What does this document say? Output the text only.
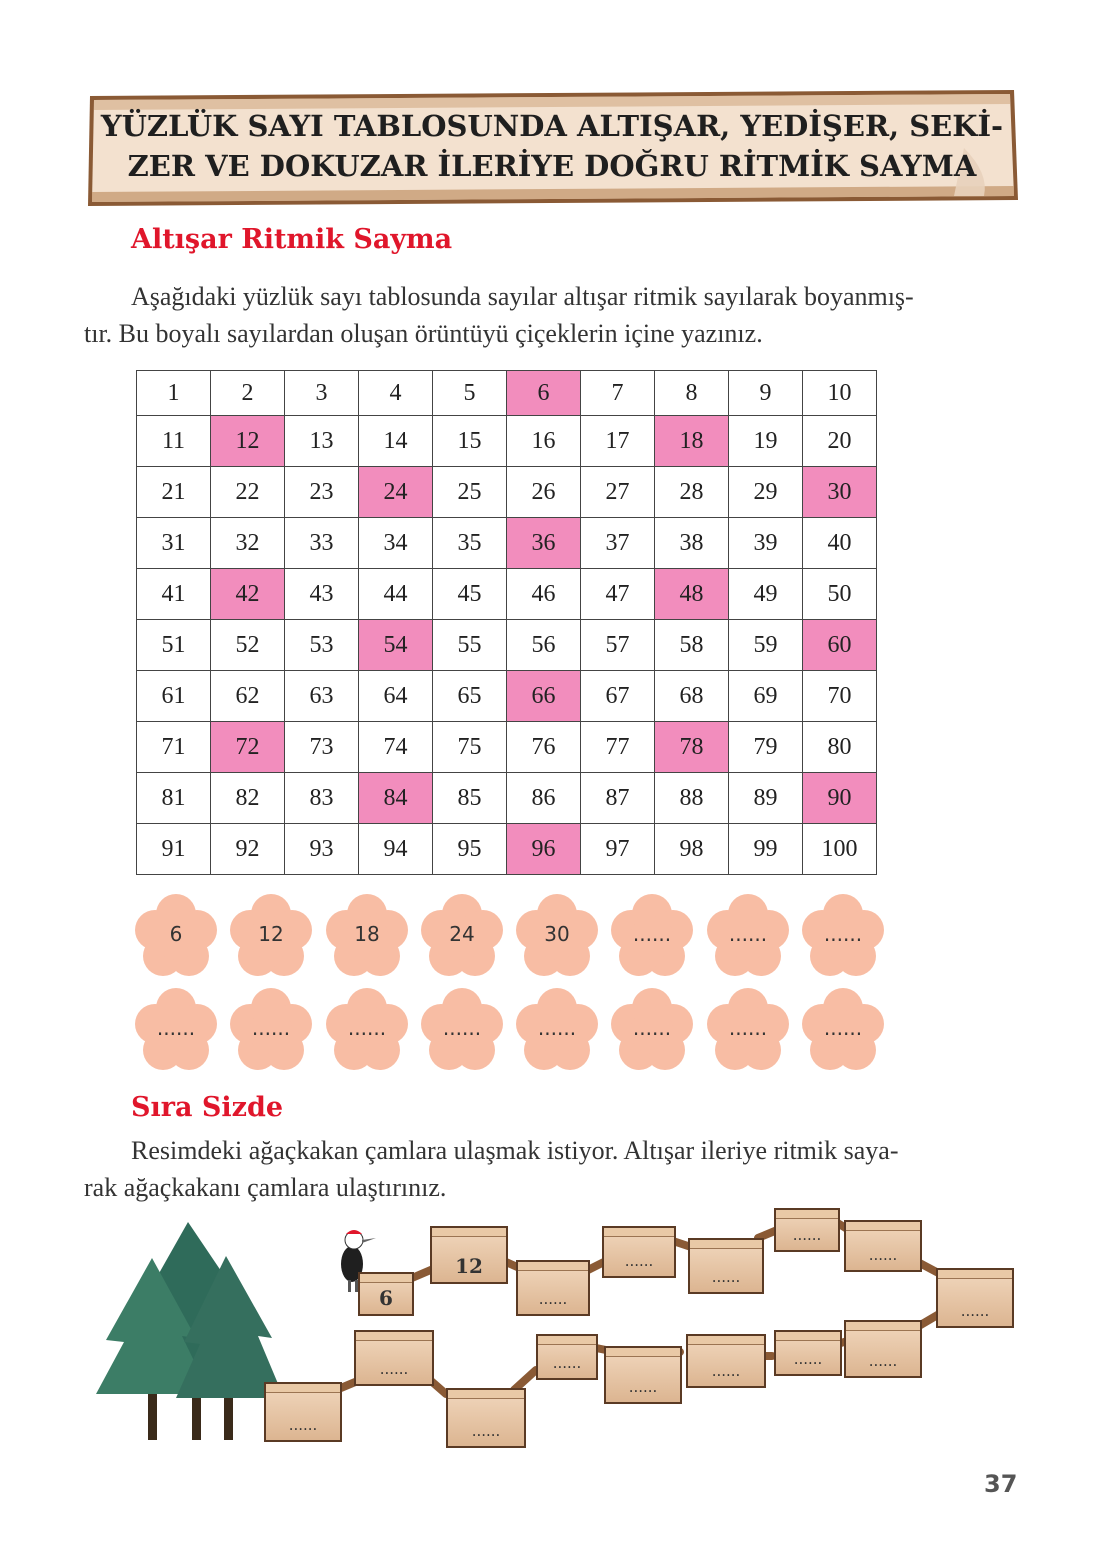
YÜZLÜK SAYI TABLOSUNDA ALTIŞAR, YEDİŞER, SEKİ-
ZER VE DOKUZAR İLERİYE DOĞRU RİTMİK SAYMA
Altışar Ritmik Sayma
Aşağıdaki yüzlük sayı tablosunda sayılar altışar ritmik sayılarak boyanmış-
tır. Bu boyalı sayılardan oluşan örüntüyü çiçeklerin içine yazınız.
1	2	3	4	5	6	7	8	9	10
11	12	13	14	15	16	17	18	19	20
21	22	23	24	25	26	27	28	29	30
31	32	33	34	35	36	37	38	39	40
41	42	43	44	45	46	47	48	49	50
51	52	53	54	55	56	57	58	59	60
61	62	63	64	65	66	67	68	69	70
71	72	73	74	75	76	77	78	79	80
81	82	83	84	85	86	87	88	89	90
91	92	93	94	95	96	97	98	99	100
6	12	18	24	30	......	......	......
......	......	......	......	......	......	......	......
Sıra Sizde
Resimdeki ağaçkakan çamlara ulaşmak istiyor. Altışar ileriye ritmik saya-
rak ağaçkakanı çamlara ulaştırınız.
6
12
......
......
......
......
......
......
......
......
......
......
......
......
......
......
37
